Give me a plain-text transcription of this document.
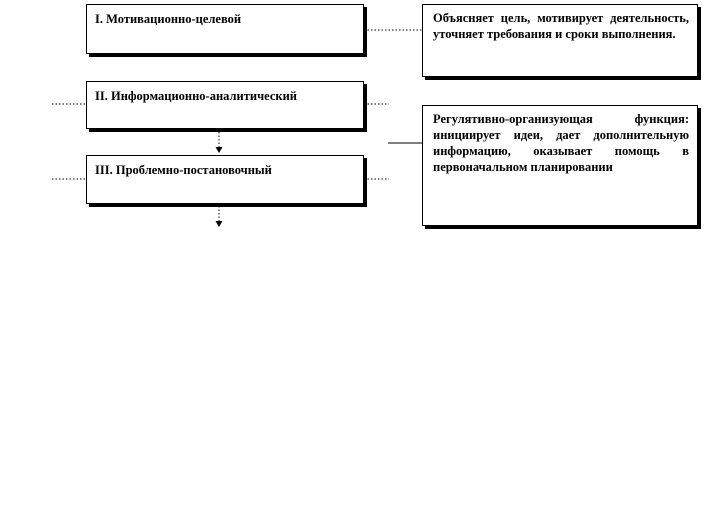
I. Мотивационно-целевой
II. Информационно-аналитический
III. Проблемно-постановочный
Объясняет цель, мотивирует деятельность, уточняет требования и сроки выполнения.
Регулятивно-организующая функция: инициирует идеи, дает дополнительную информацию, оказывает помощь в первоначальном планировании
